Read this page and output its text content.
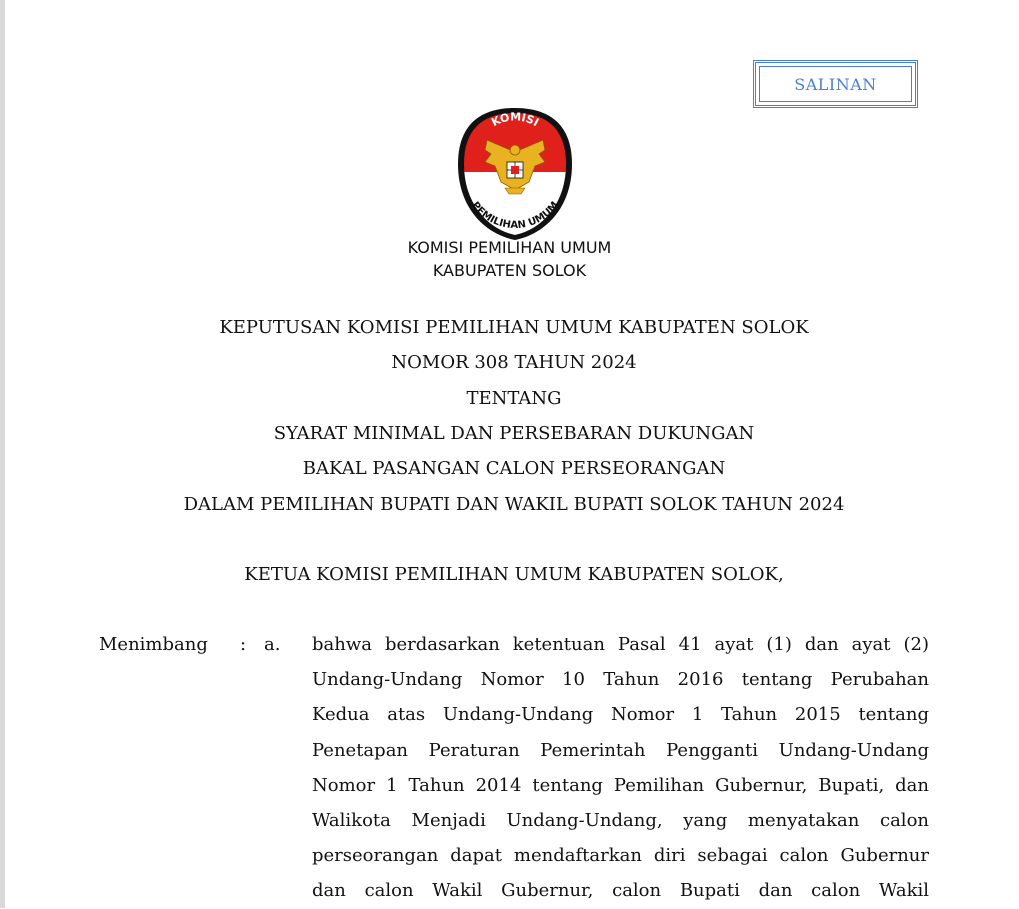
SALINAN
KOMISI
PEMILIHAN UMUM
KOMISI PEMILIHAN UMUM
KABUPATEN SOLOK
KEPUTUSAN KOMISI PEMILIHAN UMUM KABUPATEN SOLOK
NOMOR 308 TAHUN 2024
TENTANG
SYARAT MINIMAL DAN PERSEBARAN DUKUNGAN
BAKAL PASANGAN CALON PERSEORANGAN
DALAM PEMILIHAN BUPATI DAN WAKIL BUPATI SOLOK TAHUN 2024
KETUA KOMISI PEMILIHAN UMUM KABUPATEN SOLOK,
Menimbang : a. bahwa berdasarkan ketentuan Pasal 41 ayat (1) dan ayat (2)
Undang-Undang Nomor 10 Tahun 2016 tentang Perubahan
Kedua atas Undang-Undang Nomor 1 Tahun 2015 tentang
Penetapan Peraturan Pemerintah Pengganti Undang-Undang
Nomor 1 Tahun 2014 tentang Pemilihan Gubernur, Bupati, dan
Walikota Menjadi Undang-Undang, yang menyatakan calon
perseorangan dapat mendaftarkan diri sebagai calon Gubernur
dan calon Wakil Gubernur, calon Bupati dan calon Wakil
